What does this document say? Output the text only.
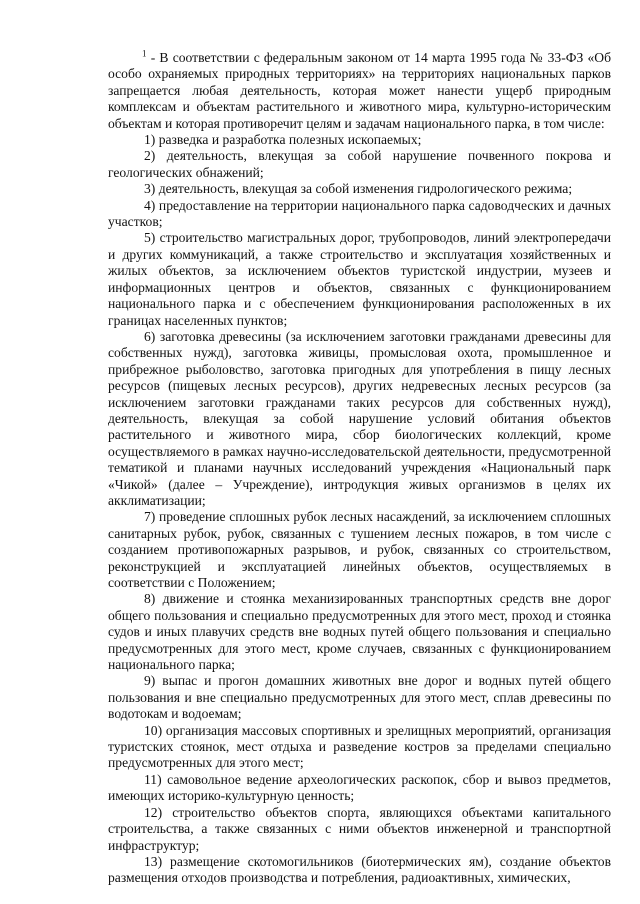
$^1$ - В соответствии с федеральным законом от 14 марта 1995 года № 33-ФЗ «Об особо охраняемых природных территориях» на территориях национальных парков запрещается любая деятельность, которая может нанести ущерб природным комплексам и объектам растительного и животного мира, культурно-историческим объектам и которая противоречит целям и задачам национального парка, в том числе:

1) разведка и разработка полезных ископаемых;

2) деятельность, влекущая за собой нарушение почвенного покрова и геологических обнажений;

3) деятельность, влекущая за собой изменения гидрологического режима;

4) предоставление на территории национального парка садоводческих и дачных участков;

5) строительство магистральных дорог, трубопроводов, линий электропередачи и других коммуникаций, а также строительство и эксплуатация хозяйственных и жилых объектов, за исключением объектов туристской индустрии, музеев и информационных центров и объектов, связанных с функционированием национального парка и с обеспечением функционирования расположенных в их границах населенных пунктов;

6) заготовка древесины (за исключением заготовки гражданами древесины для собственных нужд), заготовка живицы, промысловая охота, промышленное и прибрежное рыболовство, заготовка пригодных для употребления в пищу лесных ресурсов (пищевых лесных ресурсов), других недревесных лесных ресурсов (за исключением заготовки гражданами таких ресурсов для собственных нужд), деятельность, влекущая за собой нарушение условий обитания объектов растительного и животного мира, сбор биологических коллекций, кроме осуществляемого в рамках научно-исследовательской деятельности, предусмотренной тематикой и планами научных исследований учреждения «Национальный парк «Чикой» (далее – Учреждение), интродукция живых организмов в целях их акклиматизации;

7) проведение сплошных рубок лесных насаждений, за исключением сплошных санитарных рубок, рубок, связанных с тушением лесных пожаров, в том числе с созданием противопожарных разрывов, и рубок, связанных со строительством, реконструкцией и эксплуатацией линейных объектов, осуществляемых в соответствии с Положением;

8) движение и стоянка механизированных транспортных средств вне дорог общего пользования и специально предусмотренных для этого мест, проход и стоянка судов и иных плавучих средств вне водных путей общего пользования и специально предусмотренных для этого мест, кроме случаев, связанных с функционированием национального парка;

9) выпас и прогон домашних животных вне дорог и водных путей общего пользования и вне специально предусмотренных для этого мест, сплав древесины по водотокам и водоемам;

10) организация массовых спортивных и зрелищных мероприятий, организация туристских стоянок, мест отдыха и разведение костров за пределами специально предусмотренных для этого мест;

11) самовольное ведение археологических раскопок, сбор и вывоз предметов, имеющих историко-культурную ценность;

12) строительство объектов спорта, являющихся объектами капитального строительства, а также связанных с ними объектов инженерной и транспортной инфраструктур;

13) размещение скотомогильников (биотермических ям), создание объектов размещения отходов производства и потребления, радиоактивных, химических,
